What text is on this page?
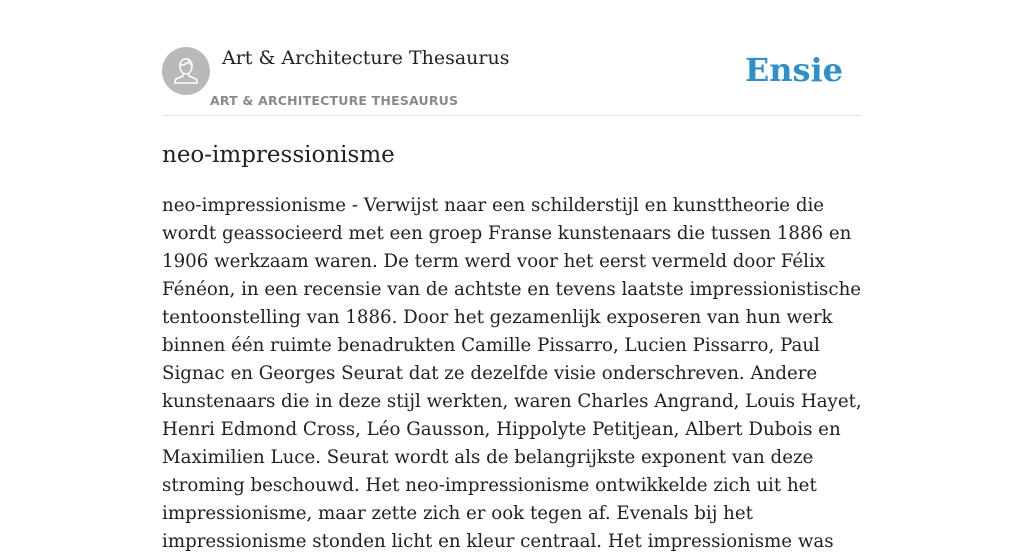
Art & Architecture Thesaurus
ART & ARCHITECTURE THESAURUS
Ensie
neo-impressionisme

neo-impressionisme - Verwijst naar een schilderstijl en kunsttheorie die wordt geassocieerd met een groep Franse kunstenaars die tussen 1886 en 1906 werkzaam waren. De term werd voor het eerst vermeld door Félix Fénéon, in een recensie van de achtste en tevens laatste impressionistische tentoonstelling van 1886. Door het gezamenlijk exposeren van hun werk binnen één ruimte benadrukten Camille Pissarro, Lucien Pissarro, Paul Signac en Georges Seurat dat ze dezelfde visie onderschreven. Andere kunstenaars die in deze stijl werkten, waren Charles Angrand, Louis Hayet, Henri Edmond Cross, Léo Gausson, Hippolyte Petitjean, Albert Dubois en Maximilien Luce. Seurat wordt als de belangrijkste exponent van deze stroming beschouwd. Het neo-impressionisme ontwikkelde zich uit het impressionisme, maar zette zich er ook tegen af. Evenals bij het impressionisme stonden licht en kleur centraal. Het impressionisme was
